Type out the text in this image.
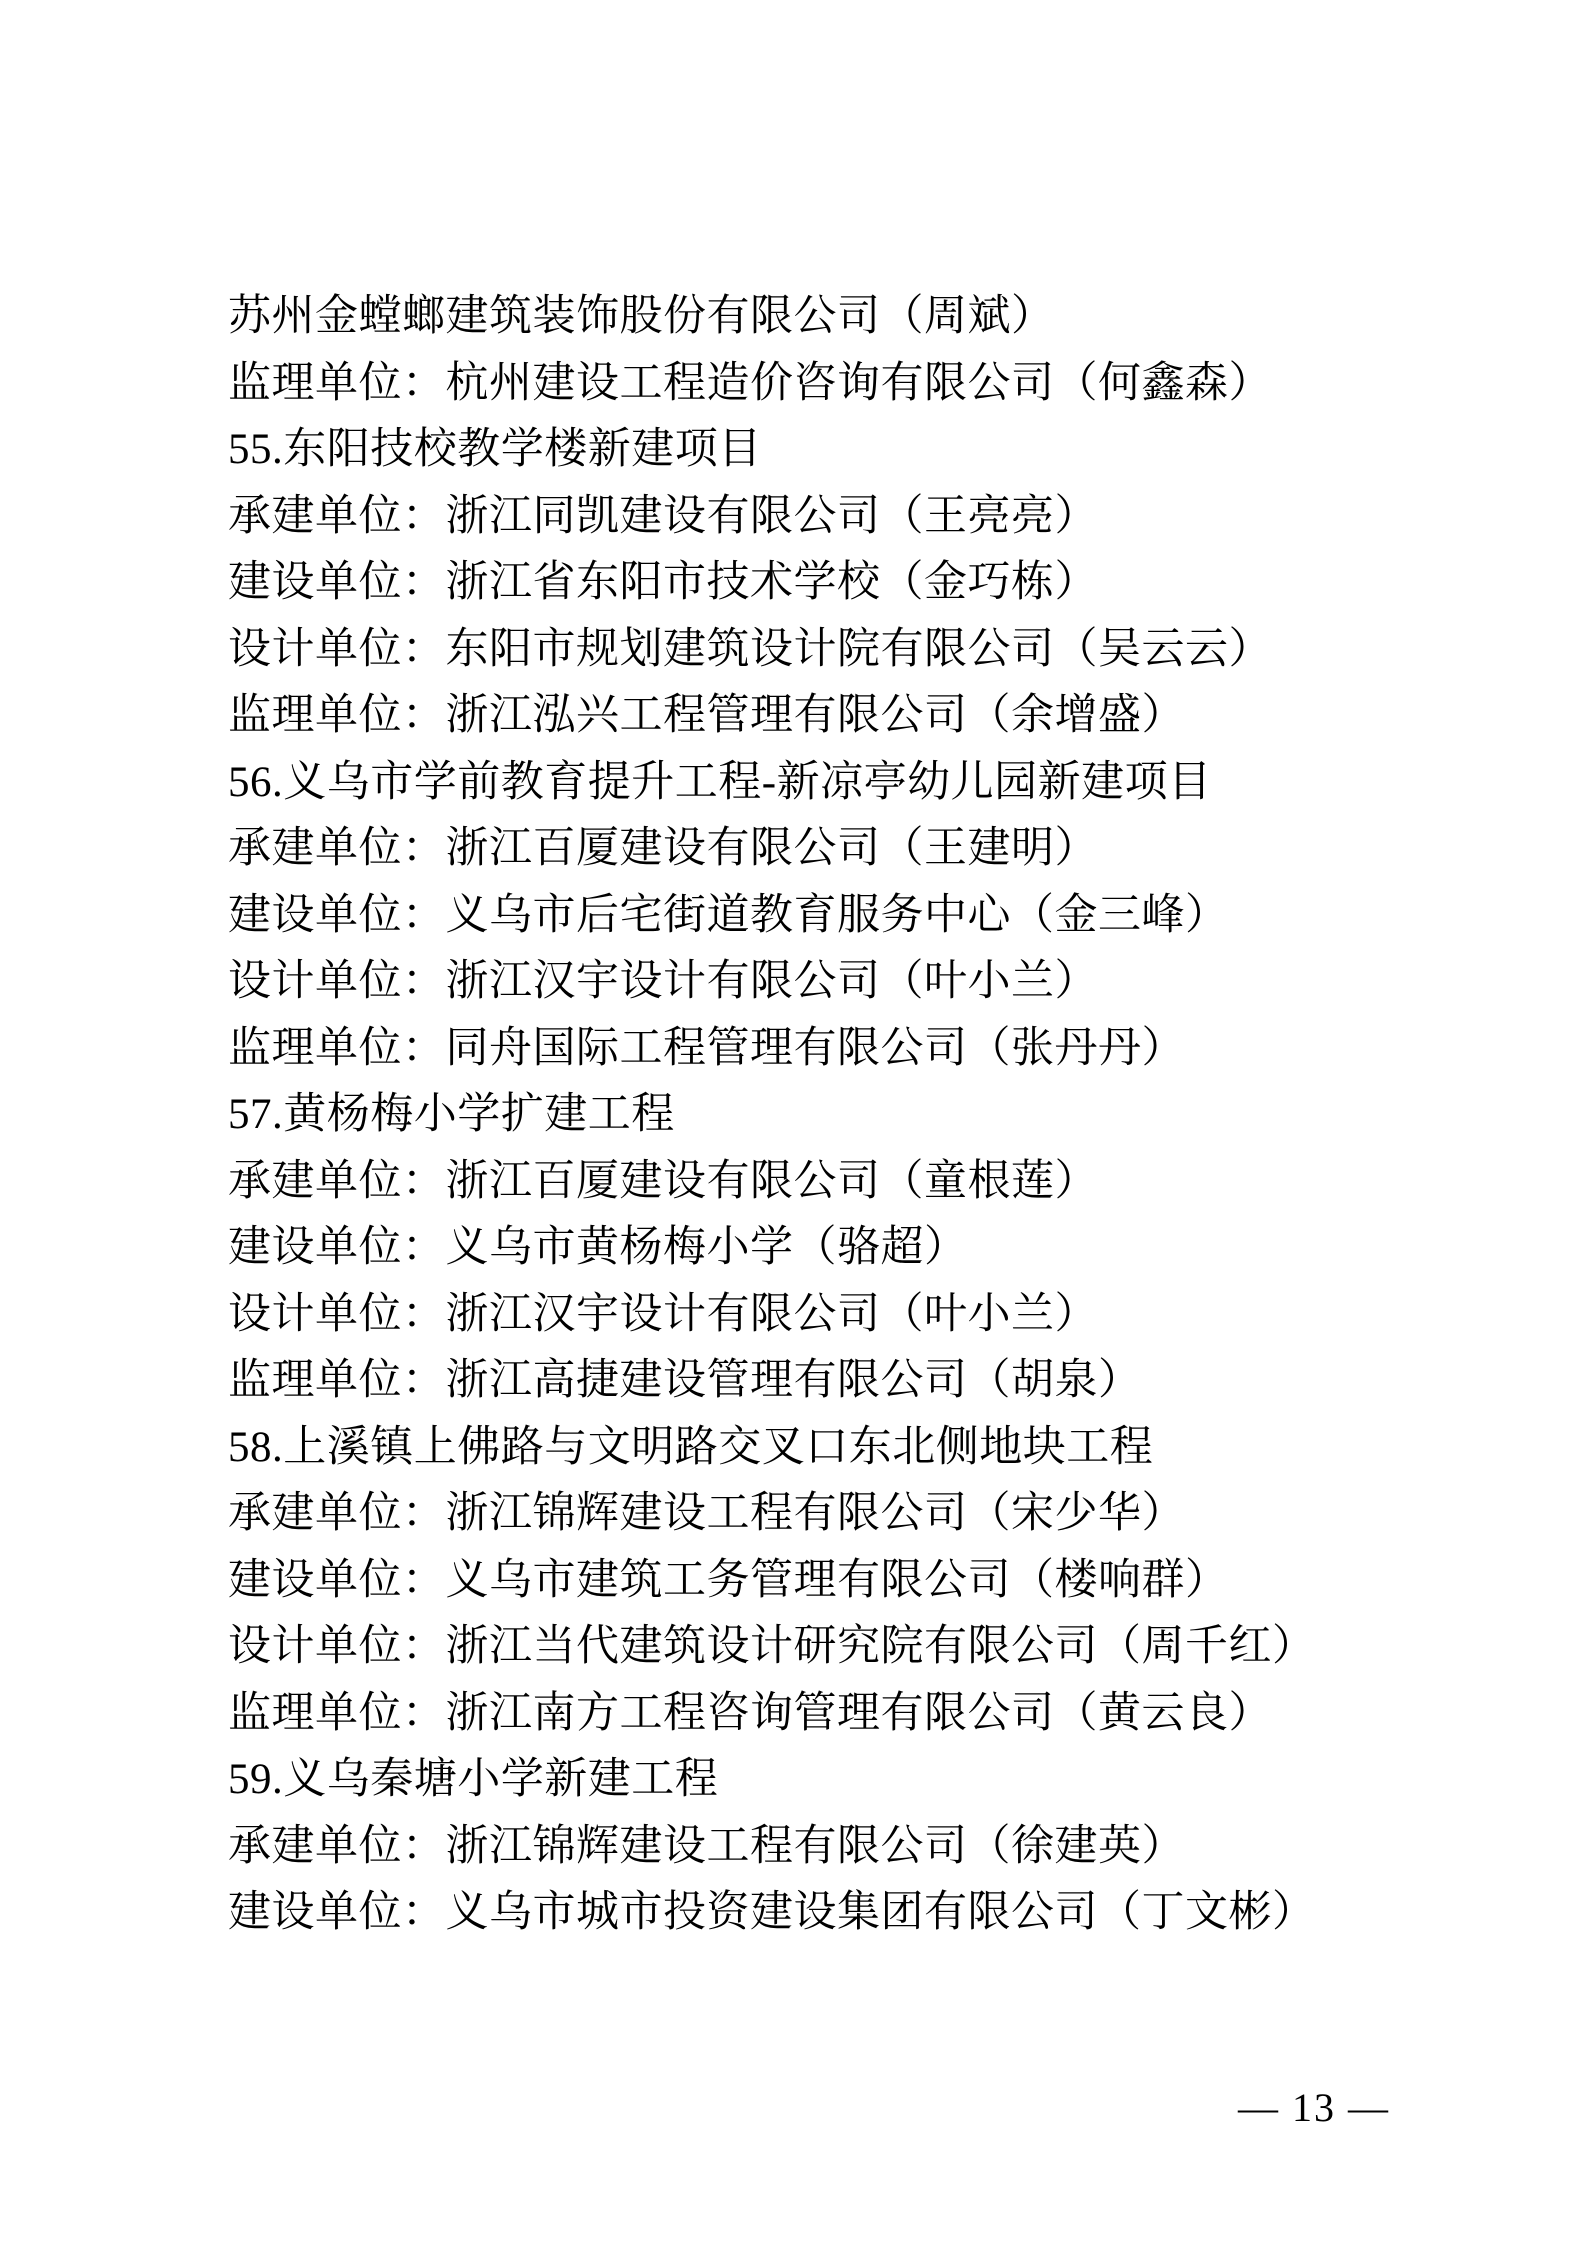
苏州金螳螂建筑装饰股份有限公司（周斌）
监理单位：杭州建设工程造价咨询有限公司（何鑫森）
55.东阳技校教学楼新建项目
承建单位：浙江同凯建设有限公司（王亮亮）
建设单位：浙江省东阳市技术学校（金巧栋）
设计单位：东阳市规划建筑设计院有限公司（吴云云）
监理单位：浙江泓兴工程管理有限公司（余增盛）
56.义乌市学前教育提升工程-新凉亭幼儿园新建项目
承建单位：浙江百厦建设有限公司（王建明）
建设单位：义乌市后宅街道教育服务中心（金三峰）
设计单位：浙江汉宇设计有限公司（叶小兰）
监理单位：同舟国际工程管理有限公司（张丹丹）
57.黄杨梅小学扩建工程
承建单位：浙江百厦建设有限公司（童根莲）
建设单位：义乌市黄杨梅小学（骆超）
设计单位：浙江汉宇设计有限公司（叶小兰）
监理单位：浙江高捷建设管理有限公司（胡泉）
58.上溪镇上佛路与文明路交叉口东北侧地块工程
承建单位：浙江锦辉建设工程有限公司（宋少华）
建设单位：义乌市建筑工务管理有限公司（楼响群）
设计单位：浙江当代建筑设计研究院有限公司（周千红）
监理单位：浙江南方工程咨询管理有限公司（黄云良）
59.义乌秦塘小学新建工程
承建单位：浙江锦辉建设工程有限公司（徐建英）
建设单位：义乌市城市投资建设集团有限公司（丁文彬）
— 13 —
